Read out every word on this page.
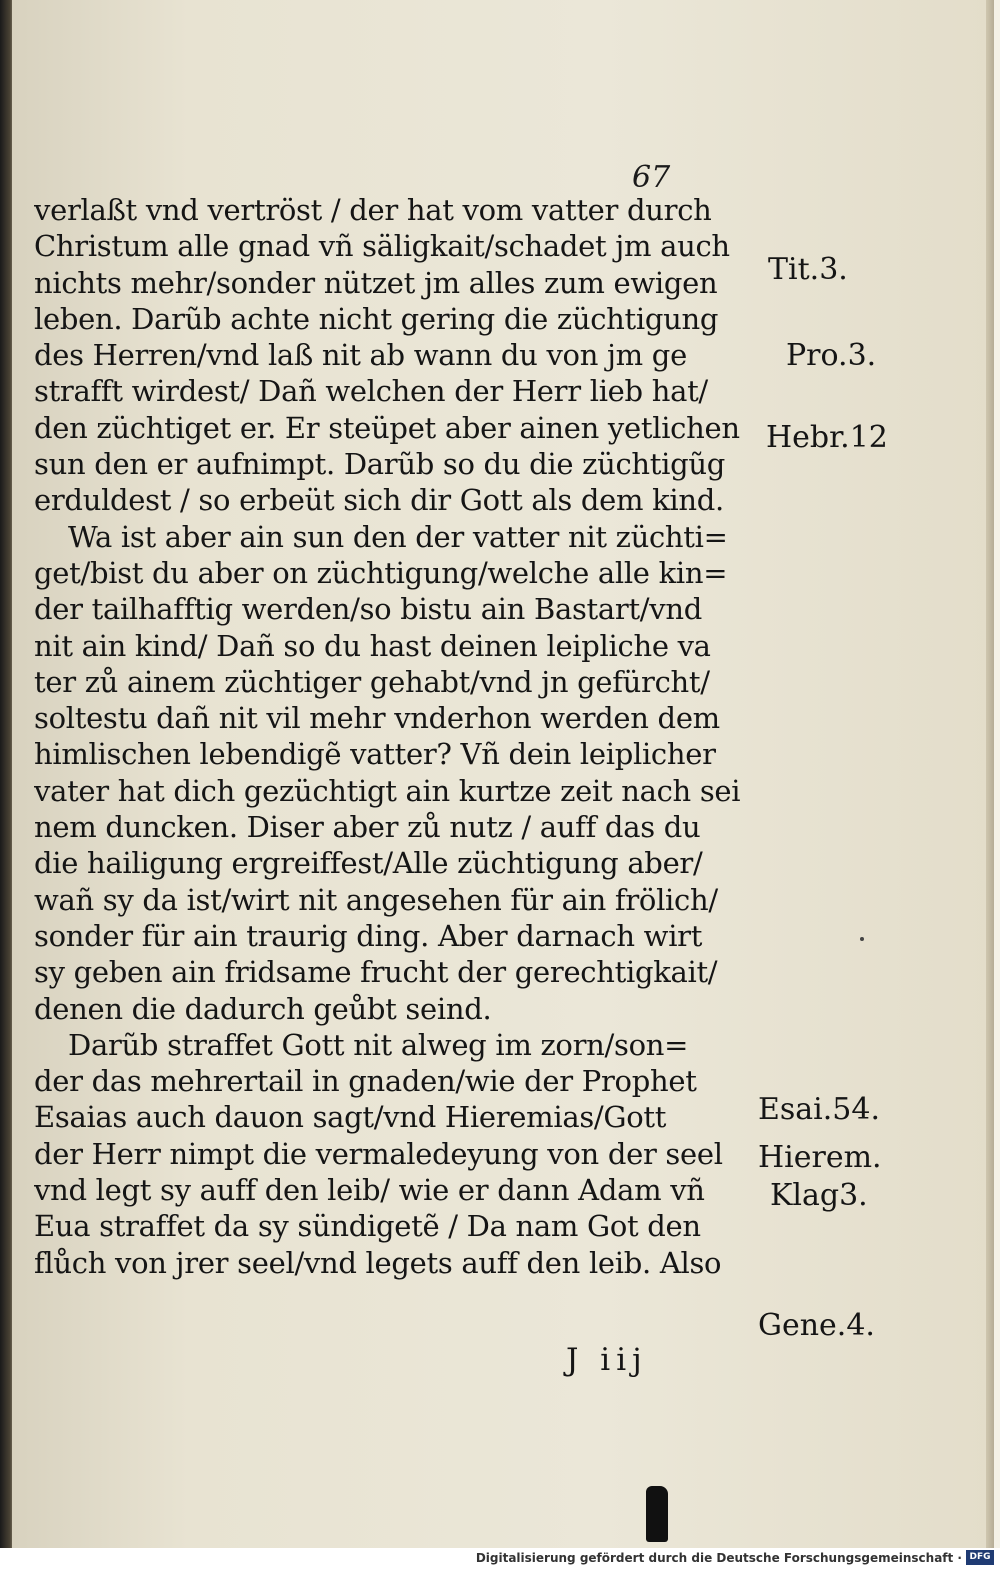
67
verlaßt vnd vertröst / der hat vom vatter durch
Christum alle gnad vñ säligkait/schadet jm auch
nichts mehr/sonder nützet jm alles zum ewigen
leben. Darũb achte nicht gering die züchtigung
des Herren/vnd laß nit ab wann du von jm ge
strafft wirdest/ Dañ welchen der Herr lieb hat/
den züchtiget er. Er steüpet aber ainen yetlichen
sun den er aufnimpt. Darũb so du die züchtigũg
erduldest / so erbeüt sich dir Gott als dem kind.
Wa ist aber ain sun den der vatter nit züchti=
get/bist du aber on züchtigung/welche alle kin=
der tailhafftig werden/so bistu ain Bastart/vnd
nit ain kind/ Dañ so du hast deinen leipliche va
ter zů ainem züchtiger gehabt/vnd jn gefürcht/
soltestu dañ nit vil mehr vnderhon werden dem
himlischen lebendigẽ vatter? Vñ dein leiplicher
vater hat dich gezüchtigt ain kurtze zeit nach sei
nem duncken. Diser aber zů nutz / auff das du
die hailigung ergreiffest/Alle züchtigung aber/
wañ sy da ist/wirt nit angesehen für ain frölich/
sonder für ain traurig ding. Aber darnach wirt
sy geben ain fridsame frucht der gerechtigkait/
denen die dadurch geůbt seind.
Darũb straffet Gott nit alweg im zorn/son=
der das mehrertail in gnaden/wie der Prophet
Esaias auch dauon sagt/vnd Hieremias/Gott
der Herr nimpt die vermaledeyung von der seel
vnd legt sy auff den leib/ wie er dann Adam vñ
Eua straffet da sy sündigetẽ / Da nam Got den
flůch von jrer seel/vnd legets auff den leib. Also
Tit.3.
Pro.3.
Hebr.12
Esai.54.
Hierem.
Klag3.
Gene.4.
J iij
Digitalisierung gefördert durch die Deutsche Forschungsgemeinschaft · DFG
